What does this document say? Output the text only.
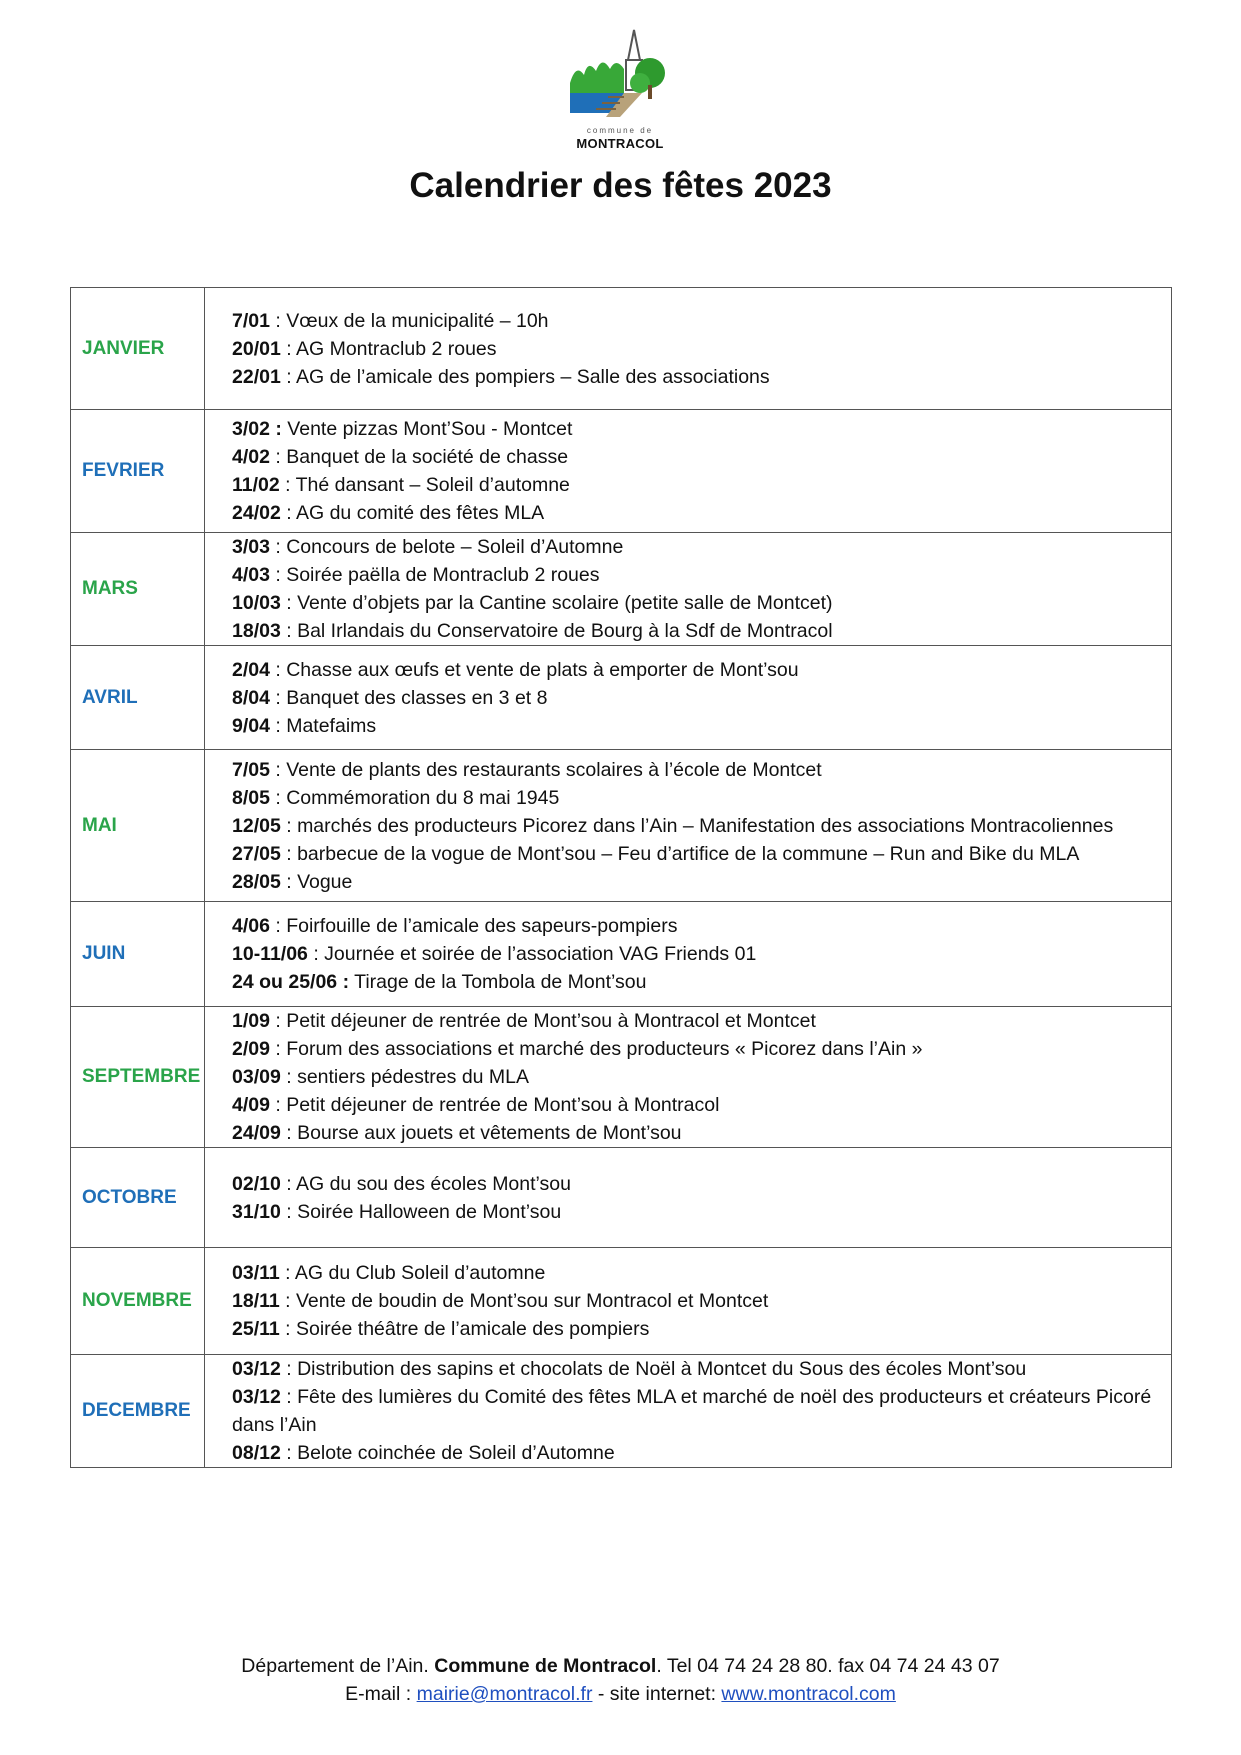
commune de
MONTRACOL
Calendrier des fêtes 2023
JANVIER	7/01 : Vœux de la municipalité – 10h
20/01 : AG Montraclub 2 roues
22/01 : AG de l’amicale des pompiers – Salle des associations

FEVRIER	3/02 : Vente pizzas Mont’Sou - Montcet
4/02 : Banquet de la société de chasse
11/02 : Thé dansant – Soleil d’automne
24/02 : AG du comité des fêtes MLA

MARS	3/03 : Concours de belote – Soleil d’Automne
4/03 : Soirée paëlla de Montraclub 2 roues
10/03 : Vente d’objets par la Cantine scolaire (petite salle de Montcet)
18/03 : Bal Irlandais du Conservatoire de Bourg à la Sdf de Montracol

AVRIL	2/04 : Chasse aux œufs et vente de plats à emporter de Mont’sou
8/04 : Banquet des classes en 3 et 8
9/04 : Matefaims

MAI	7/05 : Vente de plants des restaurants scolaires à l’école de Montcet
8/05 : Commémoration du 8 mai 1945
12/05 : marchés des producteurs Picorez dans l’Ain – Manifestation des associations Montracoliennes
27/05 : barbecue de la vogue de Mont’sou – Feu d’artifice de la commune – Run and Bike du MLA
28/05 : Vogue

JUIN	4/06 : Foirfouille de l’amicale des sapeurs-pompiers
10-11/06 : Journée et soirée de l’association VAG Friends 01
24 ou 25/06 : Tirage de la Tombola de Mont’sou

SEPTEMBRE	1/09 : Petit déjeuner de rentrée de Mont’sou à Montracol et Montcet
2/09 : Forum des associations et marché des producteurs « Picorez dans l’Ain »
03/09 : sentiers pédestres du MLA
4/09 : Petit déjeuner de rentrée de Mont’sou à Montracol
24/09 : Bourse aux jouets et vêtements de Mont’sou

OCTOBRE	02/10 : AG du sou des écoles Mont’sou
31/10 : Soirée Halloween de Mont’sou

NOVEMBRE	03/11 : AG du Club Soleil d’automne
18/11 : Vente de boudin de Mont’sou sur Montracol et Montcet
25/11 : Soirée théâtre de l’amicale des pompiers

DECEMBRE	03/12 : Distribution des sapins et chocolats de Noël à Montcet du Sous des écoles Mont’sou
03/12 : Fête des lumières du Comité des fêtes MLA et marché de noël des producteurs et créateurs Picoré dans l’Ain
08/12 : Belote coinchée de Soleil d’Automne
Département de l’Ain. Commune de Montracol. Tel 04 74 24 28 80. fax 04 74 24 43 07
E-mail : mairie@montracol.fr - site internet: www.montracol.com
